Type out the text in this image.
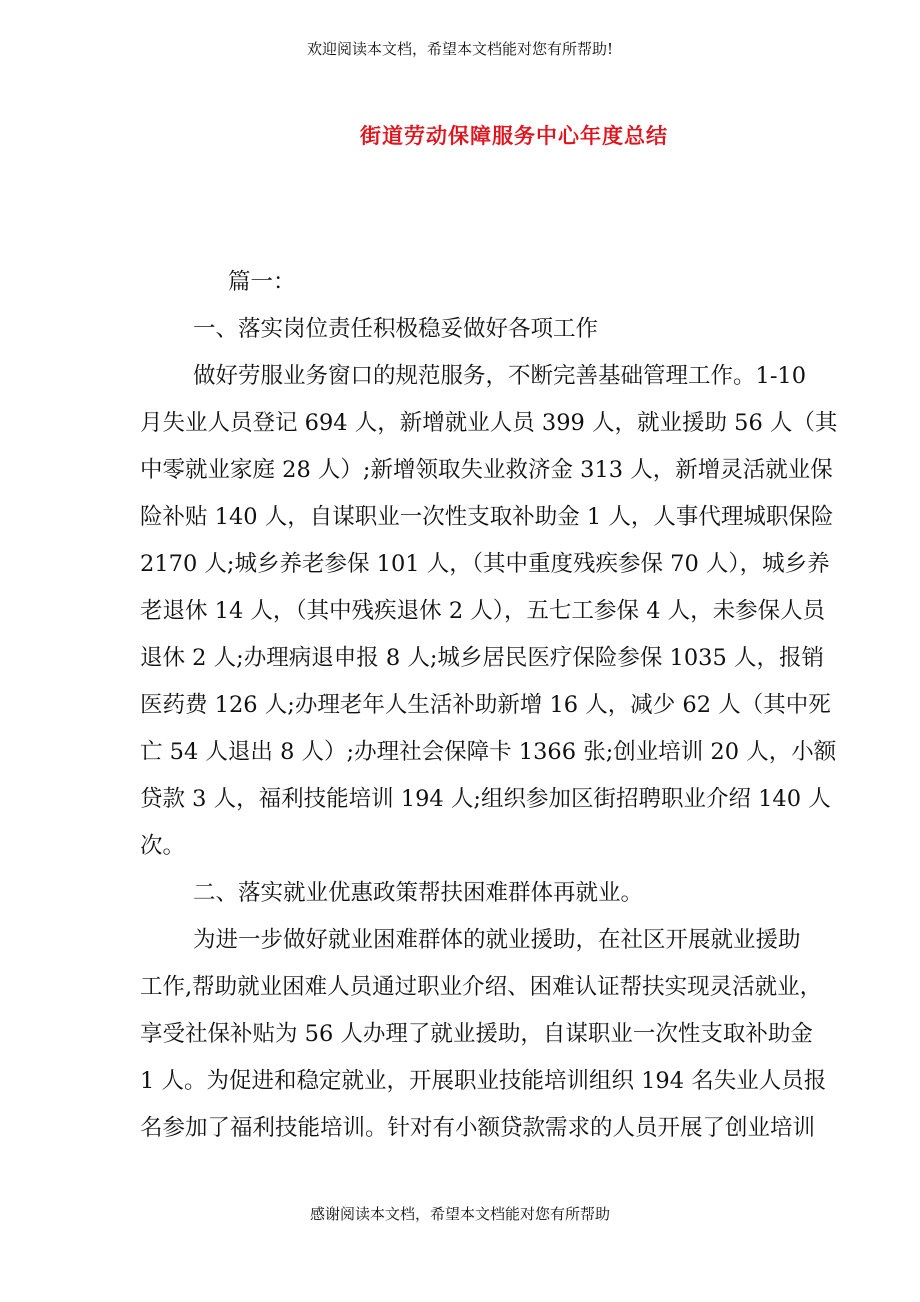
欢迎阅读本文档，希望本文档能对您有所帮助!
街道劳动保障服务中心年度总结
篇一：
一、落实岗位责任积极稳妥做好各项工作
做好劳服业务窗口的规范服务，不断完善基础管理工作。1-10
月失业人员登记 694 人，新增就业人员 399 人，就业援助 56 人（其
中零就业家庭 28 人）;新增领取失业救济金 313 人，新增灵活就业保
险补贴 140 人，自谋职业一次性支取补助金 1 人，人事代理城职保险
2170 人;城乡养老参保 101 人，（其中重度残疾参保 70 人），城乡养
老退休 14 人，（其中残疾退休 2 人），五七工参保 4 人，未参保人员
退休 2 人;办理病退申报 8 人;城乡居民医疗保险参保 1035 人，报销
医药费 126 人;办理老年人生活补助新增 16 人，减少 62 人（其中死
亡 54 人退出 8 人）;办理社会保障卡 1366 张;创业培训 20 人，小额
贷款 3 人，福利技能培训 194 人;组织参加区街招聘职业介绍 140 人
次。
二、落实就业优惠政策帮扶困难群体再就业。
为进一步做好就业困难群体的就业援助，在社区开展就业援助
工作,帮助就业困难人员通过职业介绍、困难认证帮扶实现灵活就业，
享受社保补贴为 56 人办理了就业援助，自谋职业一次性支取补助金
1 人。为促进和稳定就业，开展职业技能培训组织 194 名失业人员报
名参加了福利技能培训。针对有小额贷款需求的人员开展了创业培训
感谢阅读本文档，希望本文档能对您有所帮助
